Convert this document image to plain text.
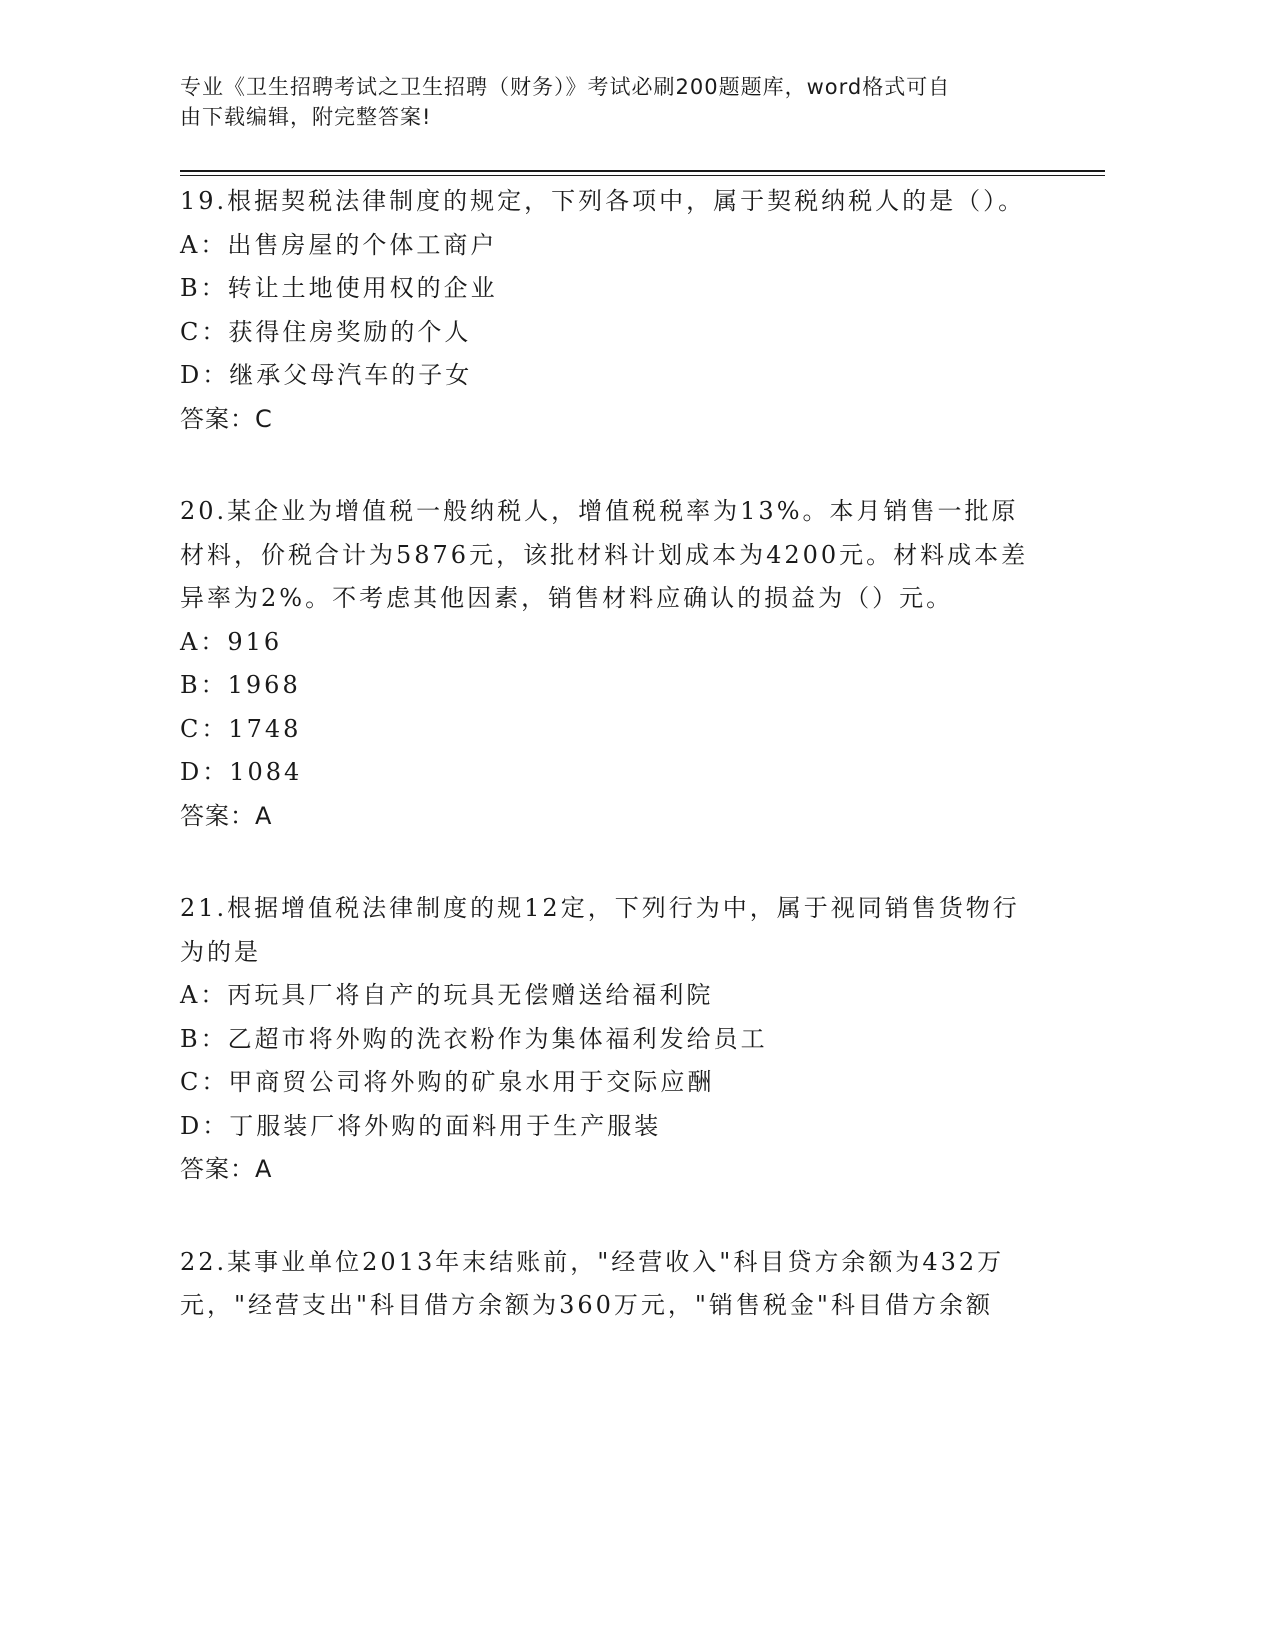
专业《卫生招聘考试之卫生招聘（财务）》考试必刷200题题库，word格式可自
由下载编辑，附完整答案!
19.根据契税法律制度的规定，下列各项中，属于契税纳税人的是（）。
A：出售房屋的个体工商户
B：转让土地使用权的企业
C：获得住房奖励的个人
D：继承父母汽车的子女
答案：C
20.某企业为增值税一般纳税人，增值税税率为13%。本月销售一批原材料，价税合计为5876元，该批材料计划成本为4200元。材料成本差异率为2%。不考虑其他因素，销售材料应确认的损益为（）元。
A：916
B：1968
C：1748
D：1084
答案：A
21.根据增值税法律制度的规12定，下列行为中，属于视同销售货物行为的是
A：丙玩具厂将自产的玩具无偿赠送给福利院
B：乙超市将外购的洗衣粉作为集体福利发给员工
C：甲商贸公司将外购的矿泉水用于交际应酬
D：丁服装厂将外购的面料用于生产服装
答案：A
22.某事业单位2013年末结账前，"经营收入"科目贷方余额为432万元，"经营支出"科目借方余额为360万元，"销售税金"科目借方余额
